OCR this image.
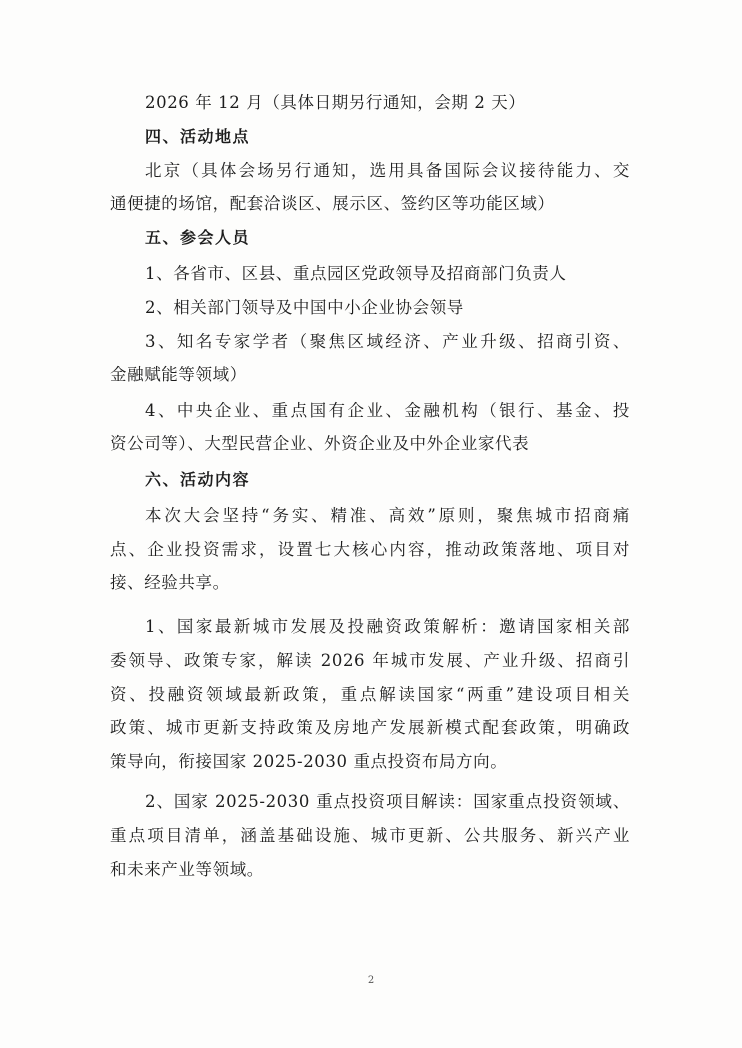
2026 年 12 月（具体日期另行通知，会期 2 天）
四、活动地点
北京（具体会场另行通知，选用具备国际会议接待能力、交
通便捷的场馆，配套洽谈区、展示区、签约区等功能区域）
五、参会人员
1、各省市、区县、重点园区党政领导及招商部门负责人
2、相关部门领导及中国中小企业协会领导
3、知名专家学者（聚焦区域经济、产业升级、招商引资、
金融赋能等领域）
4、中央企业、重点国有企业、金融机构（银行、基金、投
资公司等）、大型民营企业、外资企业及中外企业家代表
六、活动内容
本次大会坚持“务实、精准、高效”原则，聚焦城市招商痛
点、企业投资需求，设置七大核心内容，推动政策落地、项目对
接、经验共享。
1、国家最新城市发展及投融资政策解析：邀请国家相关部
委领导、政策专家，解读 2026 年城市发展、产业升级、招商引
资、投融资领域最新政策，重点解读国家“两重”建设项目相关
政策、城市更新支持政策及房地产发展新模式配套政策，明确政
策导向，衔接国家 2025-2030 重点投资布局方向。
2、国家 2025-2030 重点投资项目解读：国家重点投资领域、
重点项目清单，涵盖基础设施、城市更新、公共服务、新兴产业
和未来产业等领域。
2
